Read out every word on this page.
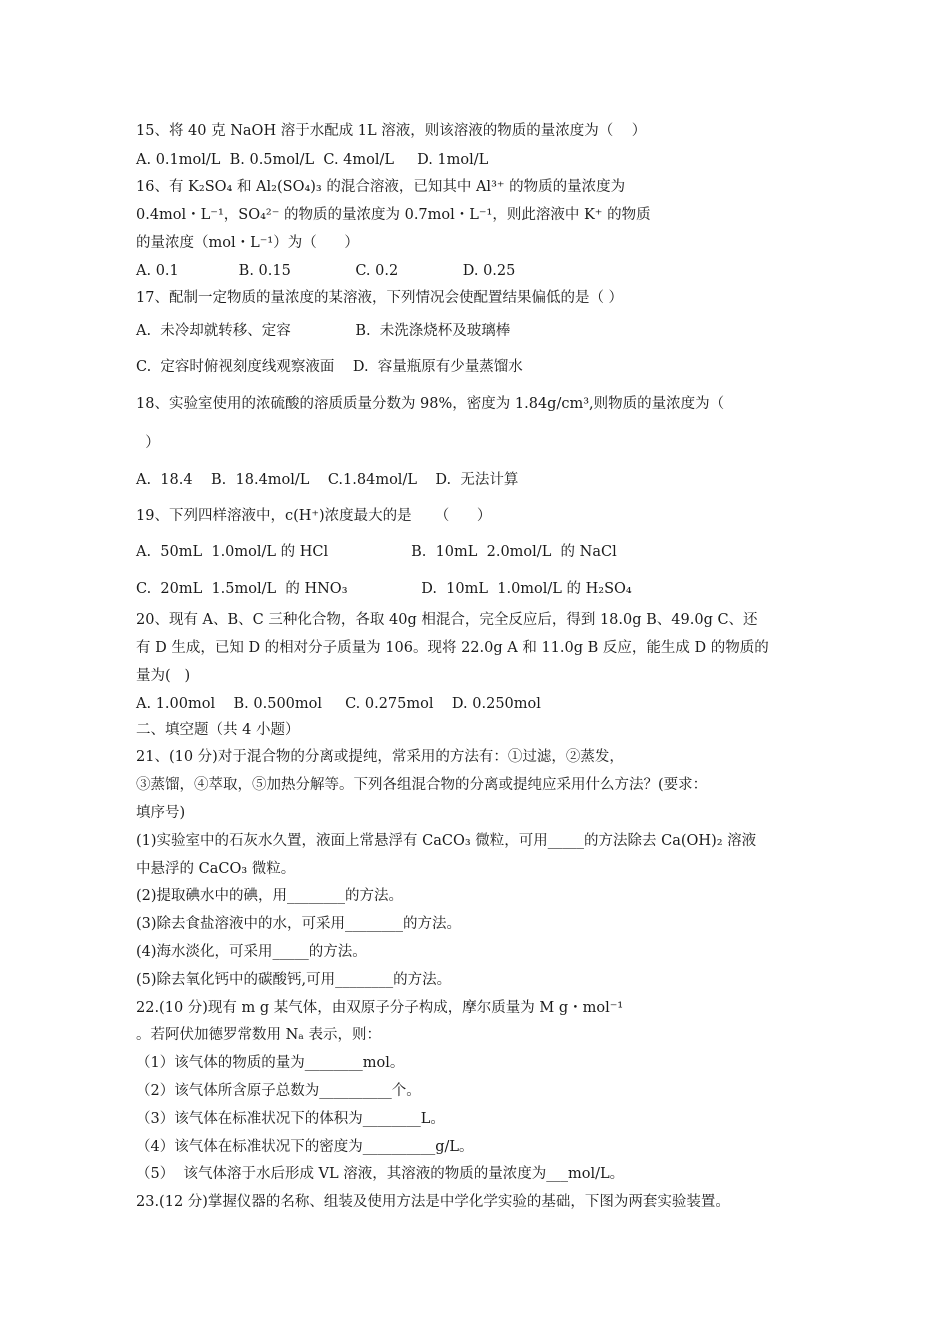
15、将 40 克 NaOH 溶于水配成 1L 溶液，则该溶液的物质的量浓度为（    ）
A. 0.1mol/L  B. 0.5mol/L  C. 4mol/L     D. 1mol/L
16、有 K₂SO₄ 和 Al₂(SO₄)₃ 的混合溶液，已知其中 Al³⁺ 的物质的量浓度为
0.4mol・L⁻¹，SO₄²⁻ 的物质的量浓度为 0.7mol・L⁻¹，则此溶液中 K⁺ 的物质
的量浓度（mol・L⁻¹）为（      ）
A. 0.1             B. 0.15              C. 0.2              D. 0.25
17、配制一定物质的量浓度的某溶液，下列情况会使配置结果偏低的是（ ）
A.  未冷却就转移、定容              B.  未洗涤烧杯及玻璃棒
C.  定容时俯视刻度线观察液面    D.  容量瓶原有少量蒸馏水
18、实验室使用的浓硫酸的溶质质量分数为 98%，密度为 1.84g/cm³,则物质的量浓度为（
）
A.  18.4    B.  18.4mol/L    C.1.84mol/L    D.  无法计算
19、下列四样溶液中，c(H⁺)浓度最大的是     （      ）
A.  50mL  1.0mol/L 的 HCl                  B.  10mL  2.0mol/L  的 NaCl
C.  20mL  1.5mol/L  的 HNO₃                D.  10mL  1.0mol/L 的 H₂SO₄
20、现有 A、B、C 三种化合物，各取 40g 相混合，完全反应后，得到 18.0g B、49.0g C、还
有 D 生成，已知 D 的相对分子质量为 106。现将 22.0g A 和 11.0g B 反应，能生成 D 的物质的
量为(   )
A. 1.00mol    B. 0.500mol     C. 0.275mol    D. 0.250mol
二、填空题（共 4 小题）
21、(10 分)对于混合物的分离或提纯，常采用的方法有：①过滤，②蒸发，
③蒸馏，④萃取，⑤加热分解等。下列各组混合物的分离或提纯应采用什么方法？(要求：
填序号)
(1)实验室中的石灰水久置，液面上常悬浮有 CaCO₃ 微粒，可用_____的方法除去 Ca(OH)₂ 溶液
中悬浮的 CaCO₃ 微粒。
(2)提取碘水中的碘，用________的方法。
(3)除去食盐溶液中的水，可采用________的方法。
(4)海水淡化，可采用_____的方法。
(5)除去氧化钙中的碳酸钙,可用________的方法。
22.(10 分)现有 m g 某气体，由双原子分子构成，摩尔质量为 M g・mol⁻¹
。若阿伏加德罗常数用 Nₐ 表示，则：
（1）该气体的物质的量为________mol。
（2）该气体所含原子总数为__________个。
（3）该气体在标准状况下的体积为________L。
（4）该气体在标准状况下的密度为__________g/L。
（5）  该气体溶于水后形成 VL 溶液，其溶液的物质的量浓度为___mol/L。
23.(12 分)掌握仪器的名称、组装及使用方法是中学化学实验的基础，下图为两套实验装置。
